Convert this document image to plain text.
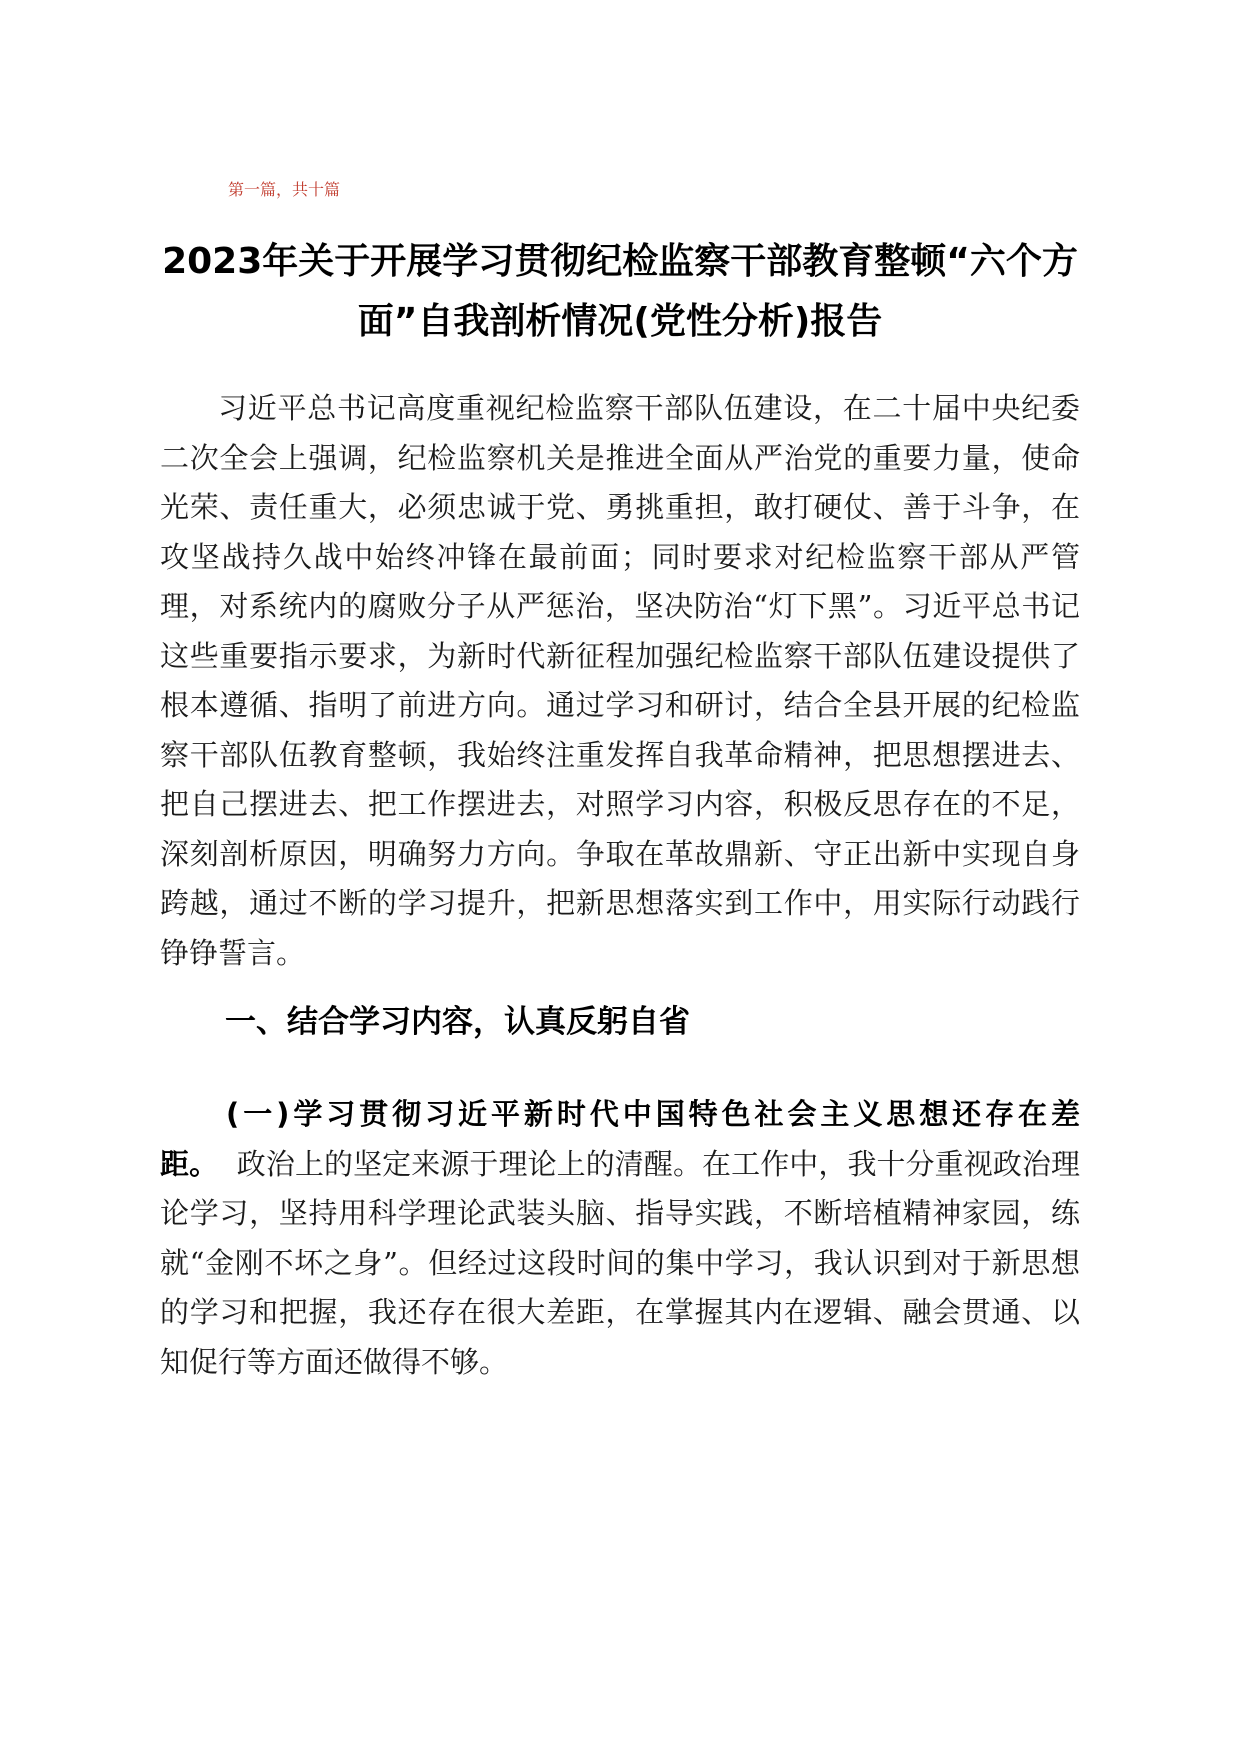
第一篇，共十篇

2023年关于开展学习贯彻纪检监察干部教育整顿“六个方面”自我剖析情况(党性分析)报告

习近平总书记高度重视纪检监察干部队伍建设，在二十届中央纪委二次全会上强调，纪检监察机关是推进全面从严治党的重要力量，使命光荣、责任重大，必须忠诚于党、勇挑重担，敢打硬仗、善于斗争，在攻坚战持久战中始终冲锋在最前面；同时要求对纪检监察干部从严管理，对系统内的腐败分子从严惩治，坚决防治“灯下黑”。习近平总书记这些重要指示要求，为新时代新征程加强纪检监察干部队伍建设提供了根本遵循、指明了前进方向。通过学习和研讨，结合全县开展的纪检监察干部队伍教育整顿，我始终注重发挥自我革命精神，把思想摆进去、把自己摆进去、把工作摆进去，对照学习内容，积极反思存在的不足，深刻剖析原因，明确努力方向。争取在革故鼎新、守正出新中实现自身跨越，通过不断的学习提升，把新思想落实到工作中，用实际行动践行铮铮誓言。

一、结合学习内容，认真反躬自省

(一)学习贯彻习近平新时代中国特色社会主义思想还存在差距。 政治上的坚定来源于理论上的清醒。在工作中，我十分重视政治理论学习，坚持用科学理论武装头脑、指导实践，不断培植精神家园，练就“金刚不坏之身”。但经过这段时间的集中学习，我认识到对于新思想的学习和把握，我还存在很大差距，在掌握其内在逻辑、融会贯通、以知促行等方面还做得不够。
